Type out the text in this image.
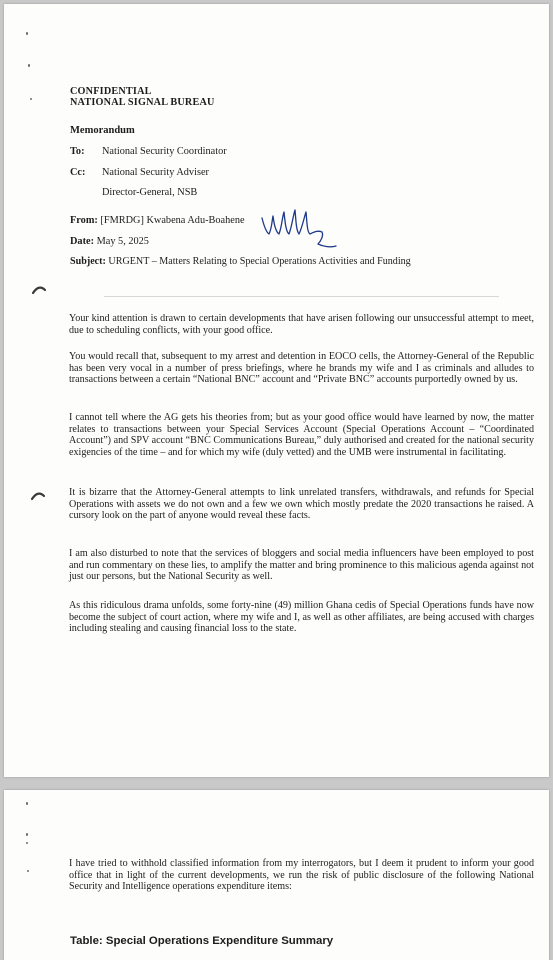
CONFIDENTIAL
NATIONAL SIGNAL BUREAU
Memorandum
To: National Security Coordinator
Cc: National Security Adviser
Director-General, NSB
From: [FMRDG] Kwabena Adu-Boahene
Date: May 5, 2025
Subject: URGENT – Matters Relating to Special Operations Activities and Funding
Your kind attention is drawn to certain developments that have arisen following our unsuccessful attempt to meet, due to scheduling conflicts, with your good office.
You would recall that, subsequent to my arrest and detention in EOCO cells, the Attorney-General of the Republic has been very vocal in a number of press briefings, where he brands my wife and I as criminals and alludes to transactions between a certain “National BNC” account and “Private BNC” accounts purportedly owned by us.
I cannot tell where the AG gets his theories from; but as your good office would have learned by now, the matter relates to transactions between your Special Services Account (Special Operations Account – “Coordinated Account”) and SPV account “BNC Communications Bureau,” duly authorised and created for the national security exigencies of the time – and for which my wife (duly vetted) and the UMB were instrumental in facilitating.
It is bizarre that the Attorney-General attempts to link unrelated transfers, withdrawals, and refunds for Special Operations with assets we do not own and a few we own which mostly predate the 2020 transactions he raised. A cursory look on the part of anyone would reveal these facts.
I am also disturbed to note that the services of bloggers and social media influencers have been employed to post and run commentary on these lies, to amplify the matter and bring prominence to this malicious agenda against not just our persons, but the National Security as well.
As this ridiculous drama unfolds, some forty-nine (49) million Ghana cedis of Special Operations funds have now become the subject of court action, where my wife and I, as well as other affiliates, are being accused with charges including stealing and causing financial loss to the state.
I have tried to withhold classified information from my interrogators, but I deem it prudent to inform your good office that in light of the current developments, we run the risk of public disclosure of the following National Security and Intelligence operations expenditure items:
Table: Special Operations Expenditure Summary
